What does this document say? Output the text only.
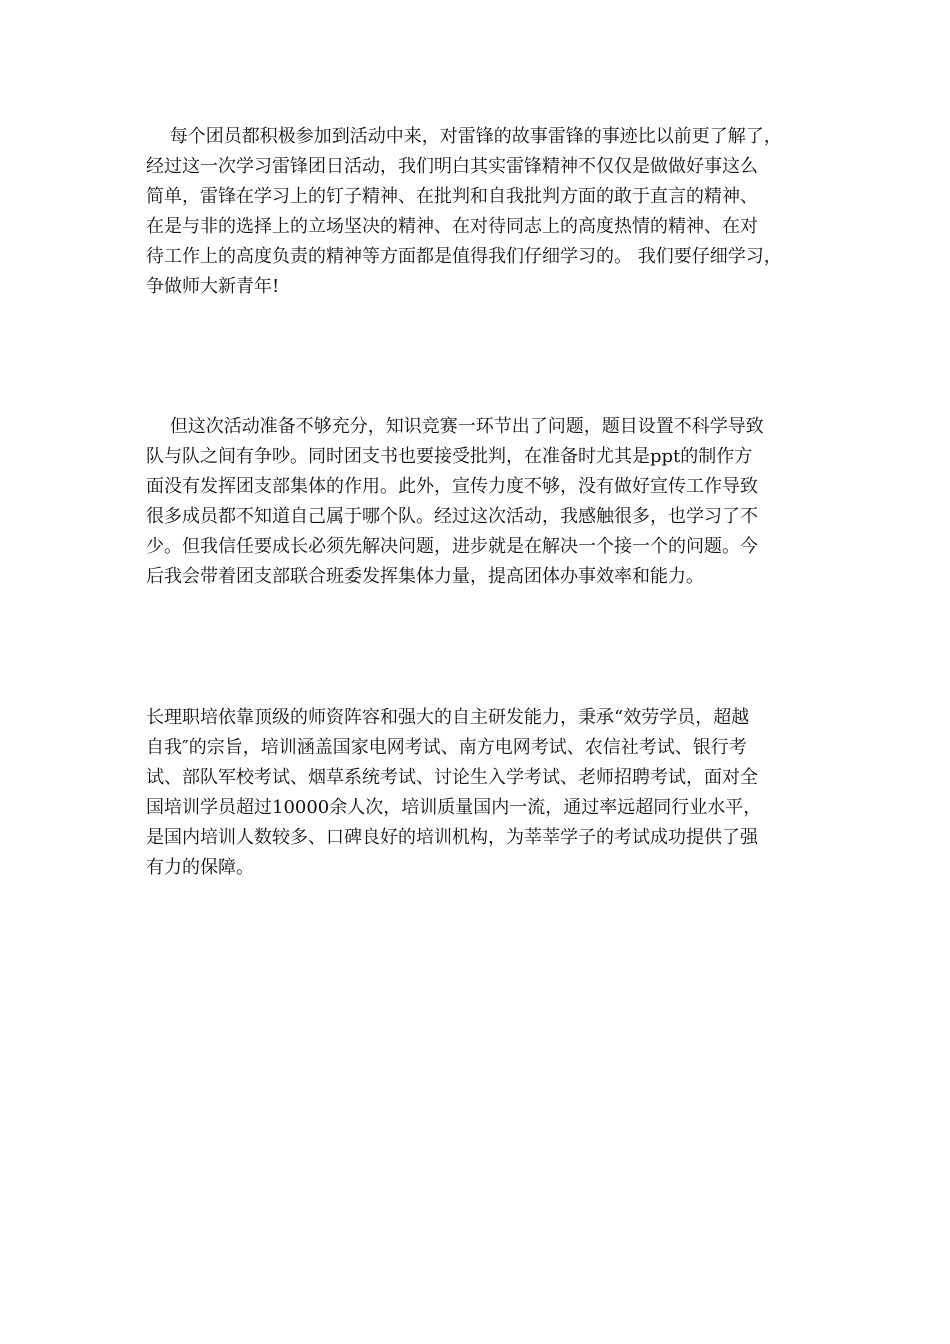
　 每个团员都积极参加到活动中来，对雷锋的故事雷锋的事迹比以前更了解了，
经过这一次学习雷锋团日活动，我们明白其实雷锋精神不仅仅是做做好事这么
简单，雷锋在学习上的钉子精神、在批判和自我批判方面的敢于直言的精神、
在是与非的选择上的立场坚决的精神、在对待同志上的高度热情的精神、在对
待工作上的高度负责的精神等方面都是值得我们仔细学习的。 我们要仔细学习，
争做师大新青年!

　 但这次活动准备不够充分，知识竞赛一环节出了问题，题目设置不科学导致
队与队之间有争吵。同时团支书也要接受批判，在准备时尤其是ppt的制作方
面没有发挥团支部集体的作用。此外，宣传力度不够，没有做好宣传工作导致
很多成员都不知道自己属于哪个队。经过这次活动，我感触很多，也学习了不
少。但我信任要成长必须先解决问题，进步就是在解决一个接一个的问题。今
后我会带着团支部联合班委发挥集体力量，提高团体办事效率和能力。

长理职培依靠顶级的师资阵容和强大的自主研发能力，秉承“效劳学员，超越
自我″的宗旨，培训涵盖国家电网考试、南方电网考试、农信社考试、银行考
试、部队军校考试、烟草系统考试、讨论生入学考试、老师招聘考试，面对全
国培训学员超过10000余人次，培训质量国内一流，通过率远超同行业水平，
是国内培训人数较多、口碑良好的培训机构，为莘莘学子的考试成功提供了强
有力的保障。
